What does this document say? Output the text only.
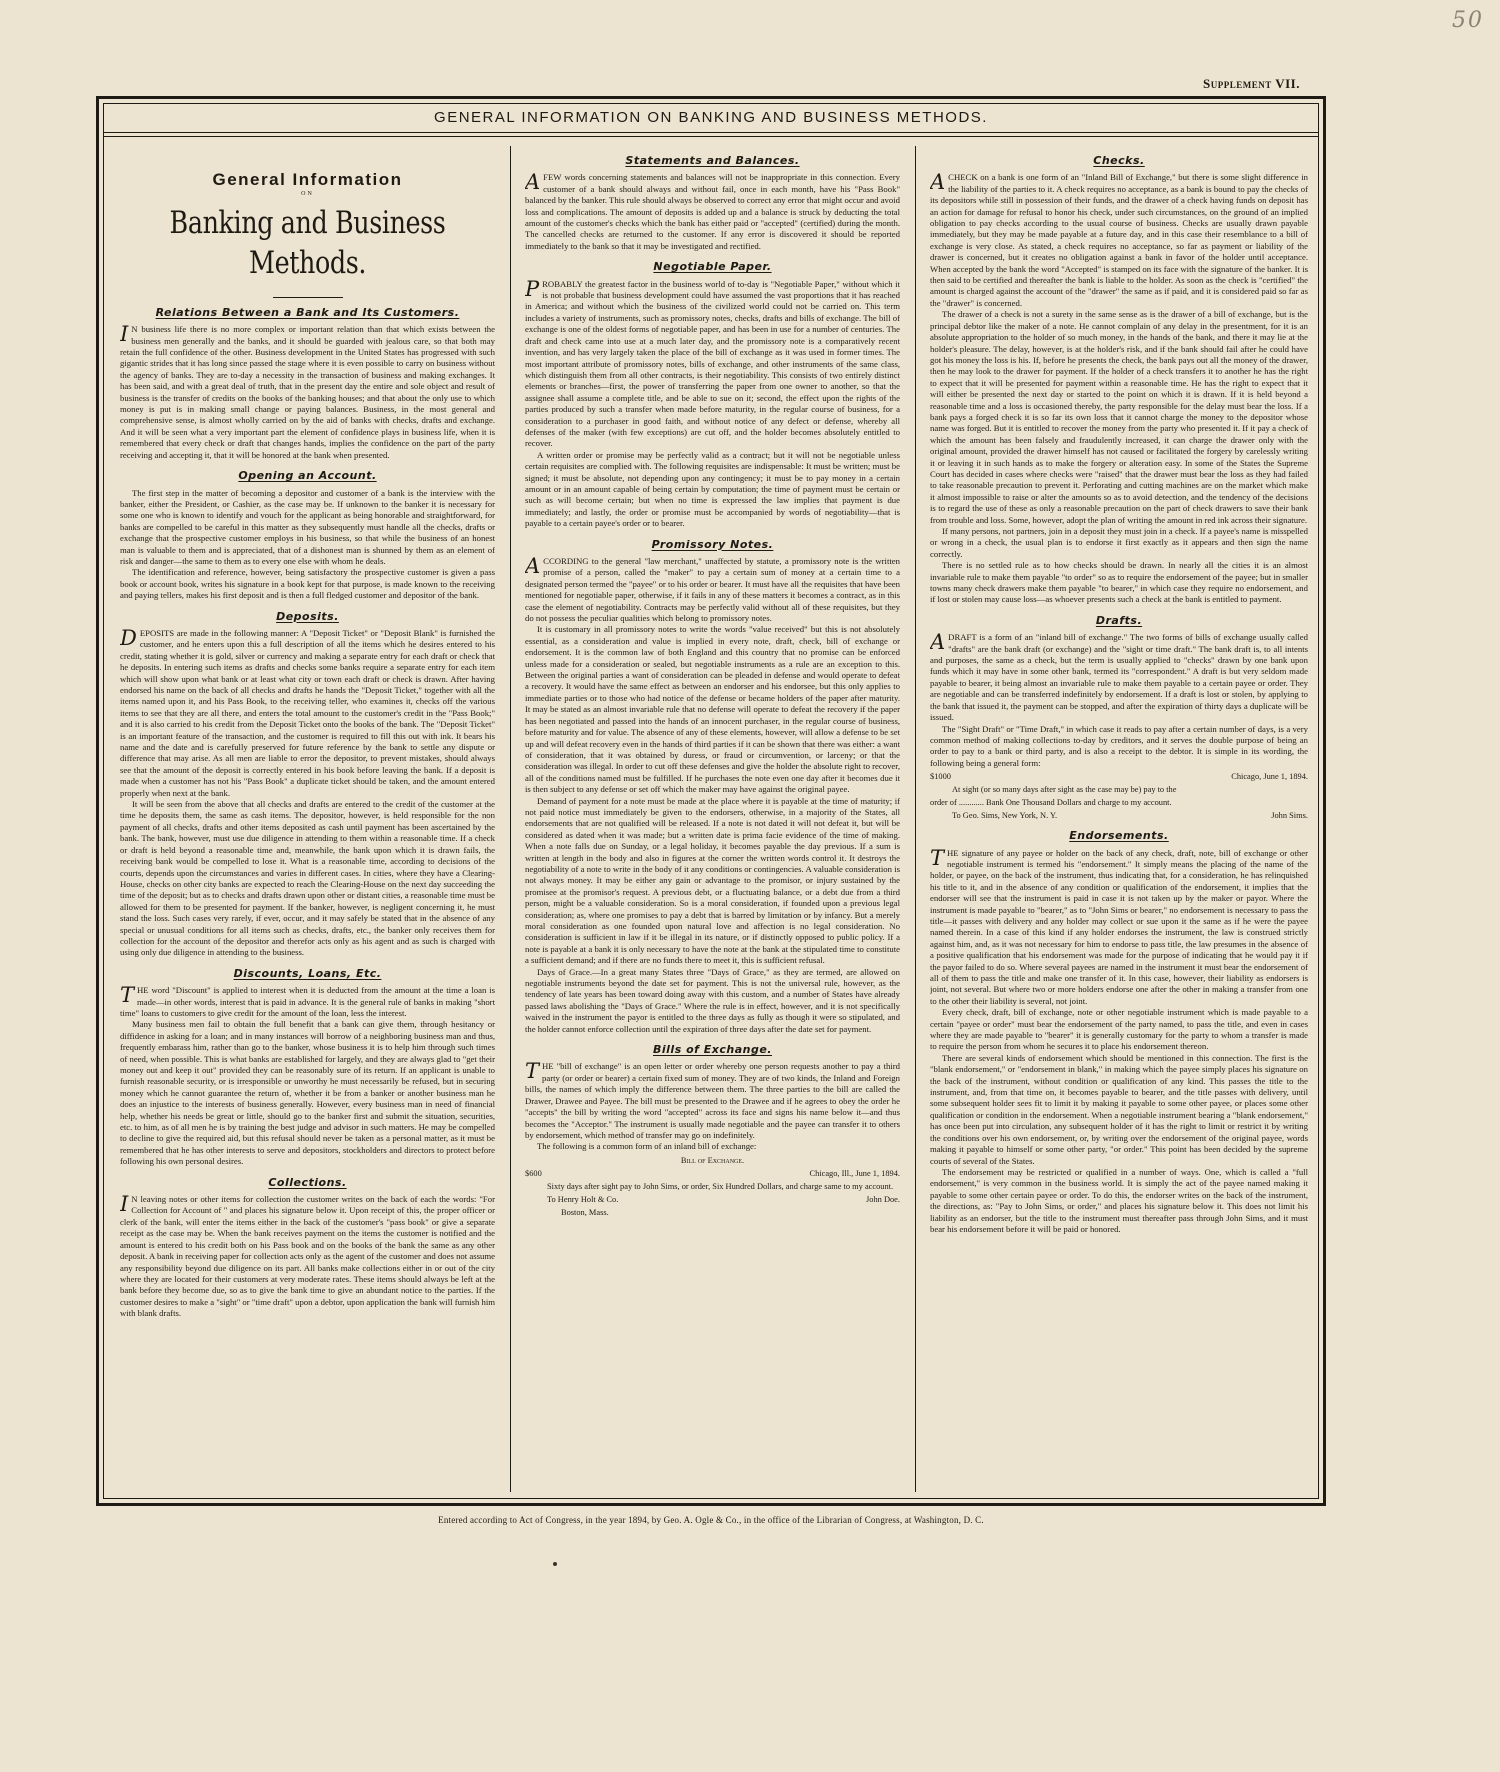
50
Supplement VII.
GENERAL INFORMATION ON BANKING AND BUSINESS METHODS.
General Information
ON
Banking and Business Methods.
Relations Between a Bank and Its Customers.

I N business life there is no more complex or important relation than that which exists between the business men generally and the banks, and it should be guarded with jealous care, so that both may retain the full confidence of the other. Business development in the United States has progressed with such gigantic strides that it has long since passed the stage where it is even possible to carry on business without the agency of banks. They are to-day a necessity in the transaction of business and making exchanges. It has been said, and with a great deal of truth, that in the present day the entire and sole object and result of business is the transfer of credits on the books of the banking houses; and that about the only use to which money is put is in making small change or paying balances. Business, in the most general and comprehensive sense, is almost wholly carried on by the aid of banks with checks, drafts and exchange. And it will be seen what a very important part the element of confidence plays in business life, when it is remembered that every check or draft that changes hands, implies the confidence on the part of the party receiving and accepting it, that it will be honored at the bank when presented.

Opening an Account.

The first step in the matter of becoming a depositor and customer of a bank is the interview with the banker, either the President, or Cashier, as the case may be. If unknown to the banker it is necessary for some one who is known to identify and vouch for the applicant as being honorable and straightforward, for banks are compelled to be careful in this matter as they subsequently must handle all the checks, drafts or exchange that the prospective customer employs in his business, so that while the business of an honest man is valuable to them and is appreciated, that of a dishonest man is shunned by them as an element of risk and danger—the same to them as to every one else with whom he deals.

The identification and reference, however, being satisfactory the prospective customer is given a pass book or account book, writes his signature in a book kept for that purpose, is made known to the receiving and paying tellers, makes his first deposit and is then a full fledged customer and depositor of the bank.

Deposits.

DEPOSITS are made in the following manner: A "Deposit Ticket" or "Deposit Blank" is furnished the customer, and he enters upon this a full description of all the items which he desires entered to his credit, stating whether it is gold, silver or currency and making a separate entry for each draft or check that he deposits. In entering such items as drafts and checks some banks require a separate entry for each item which will show upon what bank or at least what city or town each draft or check is drawn. After having endorsed his name on the back of all checks and drafts he hands the "Deposit Ticket," together with all the items named upon it, and his Pass Book, to the receiving teller, who examines it, checks off the various items to see that they are all there, and enters the total amount to the customer's credit in the "Pass Book;" and it is also carried to his credit from the Deposit Ticket onto the books of the bank. The "Deposit Ticket" is an important feature of the transaction, and the customer is required to fill this out with ink. It bears his name and the date and is carefully preserved for future reference by the bank to settle any dispute or difference that may arise. As all men are liable to error the depositor, to prevent mistakes, should always see that the amount of the deposit is correctly entered in his book before leaving the bank. If a deposit is made when a customer has not his "Pass Book" a duplicate ticket should be taken, and the amount entered properly when next at the bank.

It will be seen from the above that all checks and drafts are entered to the credit of the customer at the time he deposits them, the same as cash items. The depositor, however, is held responsible for the non payment of all checks, drafts and other items deposited as cash until payment has been ascertained by the bank. The bank, however, must use due diligence in attending to them within a reasonable time. If a check or draft is held beyond a reasonable time and, meanwhile, the bank upon which it is drawn fails, the receiving bank would be compelled to lose it. What is a reasonable time, according to decisions of the courts, depends upon the circumstances and varies in different cases. In cities, where they have a Clearing-House, checks on other city banks are expected to reach the Clearing-House on the next day succeeding the time of the deposit; but as to checks and drafts drawn upon other or distant cities, a reasonable time must be allowed for them to be presented for payment. If the banker, however, is negligent concerning it, he must stand the loss. Such cases very rarely, if ever, occur, and it may safely be stated that in the absence of any special or unusual conditions for all items such as checks, drafts, etc., the banker only receives them for collection for the account of the depositor and therefor acts only as his agent and as such is charged with using only due diligence in attending to the business.

Discounts, Loans, Etc.

THE word "Discount" is applied to interest when it is deducted from the amount at the time a loan is made—in other words, interest that is paid in advance. It is the general rule of banks in making "short time" loans to customers to give credit for the amount of the loan, less the interest.

Many business men fail to obtain the full benefit that a bank can give them, through hesitancy or diffidence in asking for a loan; and in many instances will borrow of a neighboring business man and thus, frequently embarass him, rather than go to the banker, whose business it is to help him through such times of need, when possible. This is what banks are established for largely, and they are always glad to "get their money out and keep it out" provided they can be reasonably sure of its return. If an applicant is unable to furnish reasonable security, or is irresponsible or unworthy he must necessarily be refused, but in securing money which he cannot guarantee the return of, whether it be from a banker or another business man he does an injustice to the interests of business generally. However, every business man in need of financial help, whether his needs be great or little, should go to the banker first and submit the situation, securities, etc. to him, as of all men he is by training the best judge and advisor in such matters. He may be compelled to decline to give the required aid, but this refusal should never be taken as a personal matter, as it must be remembered that he has other interests to serve and depositors, stockholders and directors to protect before following his own personal desires.

Collections.

I N leaving notes or other items for collection the customer writes on the back of each the words: "For Collection for Account of " and places his signature below it. Upon receipt of this, the proper officer or clerk of the bank, will enter the items either in the back of the customer's "pass book" or give a separate receipt as the case may be. When the bank receives payment on the items the customer is notified and the amount is entered to his credit both on his Pass book and on the books of the bank the same as any other deposit. A bank in receiving paper for collection acts only as the agent of the customer and does not assume any responsibility beyond due diligence on its part. All banks make collections either in or out of the city where they are located for their customers at very moderate rates. These items should always be left at the bank before they become due, so as to give the bank time to give an abundant notice to the parties. If the customer desires to make a "sight" or "time draft" upon a debtor, upon application the bank will furnish him with blank drafts.

Statements and Balances.

AFEW words concerning statements and balances will not be inappropriate in this connection. Every customer of a bank should always and without fail, once in each month, have his "Pass Book" balanced by the banker. This rule should always be observed to correct any error that might occur and avoid loss and complications. The amount of deposits is added up and a balance is struck by deducting the total amount of the customer's checks which the bank has either paid or "accepted" (certified) during the month. The cancelled checks are returned to the customer. If any error is discovered it should be reported immediately to the bank so that it may be investigated and rectified.

Negotiable Paper.

PROBABLY the greatest factor in the business world of to-day is "Negotiable Paper," without which it is not probable that business development could have assumed the vast proportions that it has reached in America; and without which the business of the civilized world could not be carried on. This term includes a variety of instruments, such as promissory notes, checks, drafts and bills of exchange. The bill of exchange is one of the oldest forms of negotiable paper, and has been in use for a number of centuries. The draft and check came into use at a much later day, and the promissory note is a comparatively recent invention, and has very largely taken the place of the bill of exchange as it was used in former times. The most important attribute of promissory notes, bills of exchange, and other instruments of the same class, which distinguish them from all other contracts, is their negotiability. This consists of two entirely distinct elements or branches—first, the power of transferring the paper from one owner to another, so that the assignee shall assume a complete title, and be able to sue on it; second, the effect upon the rights of the parties produced by such a transfer when made before maturity, in the regular course of business, for a consideration to a purchaser in good faith, and without notice of any defect or defense, whereby all defenses of the maker (with few exceptions) are cut off, and the holder becomes absolutely entitled to recover.

A written order or promise may be perfectly valid as a contract; but it will not be negotiable unless certain requisites are complied with. The following requisites are indispensable: It must be written; must be signed; it must be absolute, not depending upon any contingency; it must be to pay money in a certain amount or in an amount capable of being certain by computation; the time of payment must be certain or such as will become certain; but when no time is expressed the law implies that payment is due immediately; and lastly, the order or promise must be accompanied by words of negotiability—that is payable to a certain payee's order or to bearer.

Promissory Notes.

ACCORDING to the general "law merchant," unaffected by statute, a promissory note is the written promise of a person, called the "maker" to pay a certain sum of money at a certain time to a designated person termed the "payee" or to his order or bearer. It must have all the requisites that have been mentioned for negotiable paper, otherwise, if it fails in any of these matters it becomes a contract, as in this case the element of negotiability. Contracts may be perfectly valid without all of these requisites, but they do not possess the peculiar qualities which belong to promissory notes.

It is customary in all promissory notes to write the words "value received" but this is not absolutely essential, as a consideration and value is implied in every note, draft, check, bill of exchange or endorsement. It is the common law of both England and this country that no promise can be enforced unless made for a consideration or sealed, but negotiable instruments as a rule are an exception to this. Between the original parties a want of consideration can be pleaded in defense and would operate to defeat a recovery. It would have the same effect as between an endorser and his endorsee, but this only applies to immediate parties or to those who had notice of the defense or became holders of the paper after maturity. It may be stated as an almost invariable rule that no defense will operate to defeat the recovery if the paper has been negotiated and passed into the hands of an innocent purchaser, in the regular course of business, before maturity and for value. The absence of any of these elements, however, will allow a defense to be set up and will defeat recovery even in the hands of third parties if it can be shown that there was either: a want of consideration, that it was obtained by duress, or fraud or circumvention, or larceny; or that the consideration was illegal. In order to cut off these defenses and give the holder the absolute right to recover, all of the conditions named must be fulfilled. If he purchases the note even one day after it becomes due it is then subject to any defense or set off which the maker may have against the original payee.

Demand of payment for a note must be made at the place where it is payable at the time of maturity; if not paid notice must immediately be given to the endorsers, otherwise, in a majority of the States, all endorsements that are not qualified will be released. If a note is not dated it will not defeat it, but will be considered as dated when it was made; but a written date is prima facie evidence of the time of making. When a note falls due on Sunday, or a legal holiday, it becomes payable the day previous. If a sum is written at length in the body and also in figures at the corner the written words control it. It destroys the negotiability of a note to write in the body of it any conditions or contingencies. A valuable consideration is not always money. It may be either any gain or advantage to the promisor, or injury sustained by the promisee at the promisor's request. A previous debt, or a fluctuating balance, or a debt due from a third person, might be a valuable consideration. So is a moral consideration, if founded upon a previous legal consideration; as, where one promises to pay a debt that is barred by limitation or by infancy. But a merely moral consideration as one founded upon natural love and affection is no legal consideration. No consideration is sufficient in law if it be illegal in its nature, or if distinctly opposed to public policy. If a note is payable at a bank it is only necessary to have the note at the bank at the stipulated time to constitute a sufficient demand; and if there are no funds there to meet it, this is sufficient refusal.

Days of Grace.—In a great many States three "Days of Grace," as they are termed, are allowed on negotiable instruments beyond the date set for payment. This is not the universal rule, however, as the tendency of late years has been toward doing away with this custom, and a number of States have already passed laws abolishing the "Days of Grace." Where the rule is in effect, however, and it is not specifically waived in the instrument the payor is entitled to the three days as fully as though it were so stipulated, and the holder cannot enforce collection until the expiration of three days after the date set for payment.

Bills of Exchange.

THE "bill of exchange" is an open letter or order whereby one person requests another to pay a third party (or order or bearer) a certain fixed sum of money. They are of two kinds, the Inland and Foreign bills, the names of which imply the difference between them. The three parties to the bill are called the Drawer, Drawee and Payee. The bill must be presented to the Drawee and if he agrees to obey the order he "accepts" the bill by writing the word "accepted" across its face and signs his name below it—and thus becomes the "Acceptor." The instrument is usually made negotiable and the payee can transfer it to others by endorsement, which method of transfer may go on indefinitely.

The following is a common form of an inland bill of exchange:

Bill of Exchange.
$600	Chicago, Ill., June 1, 1894.
Sixty days after sight pay to John Sims, or order, Six Hundred Dollars, and charge same to my account.
To Henry Holt & Co.	John Doe.
Boston, Mass.
Checks.

ACHECK on a bank is one form of an "Inland Bill of Exchange," but there is some slight difference in the liability of the parties to it. A check requires no acceptance, as a bank is bound to pay the checks of its depositors while still in possession of their funds, and the drawer of a check having funds on deposit has an action for damage for refusal to honor his check, under such circumstances, on the ground of an implied obligation to pay checks according to the usual course of business. Checks are usually drawn payable immediately, but they may be made payable at a future day, and in this case their resemblance to a bill of exchange is very close. As stated, a check requires no acceptance, so far as payment or liability of the drawer is concerned, but it creates no obligation against a bank in favor of the holder until acceptance. When accepted by the bank the word "Accepted" is stamped on its face with the signature of the banker. It is then said to be certified and thereafter the bank is liable to the holder. As soon as the check is "certified" the amount is charged against the account of the "drawer" the same as if paid, and it is considered paid so far as the "drawer" is concerned.

The drawer of a check is not a surety in the same sense as is the drawer of a bill of exchange, but is the principal debtor like the maker of a note. He cannot complain of any delay in the presentment, for it is an absolute appropriation to the holder of so much money, in the hands of the bank, and there it may lie at the holder's pleasure. The delay, however, is at the holder's risk, and if the bank should fail after he could have got his money the loss is his. If, before he presents the check, the bank pays out all the money of the drawer, then he may look to the drawer for payment. If the holder of a check transfers it to another he has the right to expect that it will be presented for payment within a reasonable time. He has the right to expect that it will either be presented the next day or started to the point on which it is drawn. If it is held beyond a reasonable time and a loss is occasioned thereby, the party responsible for the delay must bear the loss. If a bank pays a forged check it is so far its own loss that it cannot charge the money to the depositor whose name was forged. But it is entitled to recover the money from the party who presented it. If it pay a check of which the amount has been falsely and fraudulently increased, it can charge the drawer only with the original amount, provided the drawer himself has not caused or facilitated the forgery by carelessly writing it or leaving it in such hands as to make the forgery or alteration easy. In some of the States the Supreme Court has decided in cases where checks were "raised" that the drawer must bear the loss as they had failed to take reasonable precaution to prevent it. Perforating and cutting machines are on the market which make it almost impossible to raise or alter the amounts so as to avoid detection, and the tendency of the decisions is to regard the use of these as only a reasonable precaution on the part of check drawers to save their bank from trouble and loss. Some, however, adopt the plan of writing the amount in red ink across their signature.

If many persons, not partners, join in a deposit they must join in a check. If a payee's name is misspelled or wrong in a check, the usual plan is to endorse it first exactly as it appears and then sign the name correctly.

There is no settled rule as to how checks should be drawn. In nearly all the cities it is an almost invariable rule to make them payable "to order" so as to require the endorsement of the payee; but in smaller towns many check drawers make them payable "to bearer," in which case they require no endorsement, and if lost or stolen may cause loss—as whoever presents such a check at the bank is entitled to payment.

Drafts.

ADRAFT is a form of an "inland bill of exchange." The two forms of bills of exchange usually called "drafts" are the bank draft (or exchange) and the "sight or time draft." The bank draft is, to all intents and purposes, the same as a check, but the term is usually applied to "checks" drawn by one bank upon funds which it may have in some other bank, termed its "correspondent." A draft is but very seldom made payable to bearer, it being almost an invariable rule to make them payable to a certain payee or order. They are negotiable and can be transferred indefinitely by endorsement. If a draft is lost or stolen, by applying to the bank that issued it, the payment can be stopped, and after the expiration of thirty days a duplicate will be issued.

The "Sight Draft" or "Time Draft," in which case it reads to pay after a certain number of days, is a very common method of making collections to-day by creditors, and it serves the double purpose of being an order to pay to a bank or third party, and is also a receipt to the debtor. It is simple in its wording, the following being a general form:

$1000	Chicago, June 1, 1894.
At sight (or so many days after sight as the case may be) pay to the
order of ............ Bank One Thousand Dollars and charge to my account.
To Geo. Sims, New York, N. Y.	John Sims.
Endorsements.

THE signature of any payee or holder on the back of any check, draft, note, bill of exchange or other negotiable instrument is termed his "endorsement." It simply means the placing of the name of the holder, or payee, on the back of the instrument, thus indicating that, for a consideration, he has relinquished his title to it, and in the absence of any condition or qualification of the endorsement, it implies that the endorser will see that the instrument is paid in case it is not taken up by the maker or payor. Where the instrument is made payable to "bearer," as to "John Sims or bearer," no endorsement is necessary to pass the title—it passes with delivery and any holder may collect or sue upon it the same as if he were the payee named therein. In a case of this kind if any holder endorses the instrument, the law is construed strictly against him, and, as it was not necessary for him to endorse to pass title, the law presumes in the absence of a positive qualification that his endorsement was made for the purpose of indicating that he would pay it if the payor failed to do so. Where several payees are named in the instrument it must bear the endorsement of all of them to pass the title and make one transfer of it. In this case, however, their liability as endorsers is joint, not several. But where two or more holders endorse one after the other in making a transfer from one to the other their liability is several, not joint.

Every check, draft, bill of exchange, note or other negotiable instrument which is made payable to a certain "payee or order" must bear the endorsement of the party named, to pass the title, and even in cases where they are made payable to "bearer" it is generally customary for the party to whom a transfer is made to require the person from whom he secures it to place his endorsement thereon.

There are several kinds of endorsement which should be mentioned in this connection. The first is the "blank endorsement," or "endorsement in blank," in making which the payee simply places his signature on the back of the instrument, without condition or qualification of any kind. This passes the title to the instrument, and, from that time on, it becomes payable to bearer, and the title passes with delivery, until some subsequent holder sees fit to limit it by making it payable to some other payee, or places some other qualification or condition in the endorsement. When a negotiable instrument bearing a "blank endorsement," has once been put into circulation, any subsequent holder of it has the right to limit or restrict it by writing the conditions over his own endorsement, or, by writing over the endorsement of the original payee, words making it payable to himself or some other party, "or order." This point has been decided by the supreme courts of several of the States.

The endorsement may be restricted or qualified in a number of ways. One, which is called a "full endorsement," is very common in the business world. It is simply the act of the payee named making it payable to some other certain payee or order. To do this, the endorser writes on the back of the instrument, the directions, as: "Pay to John Sims, or order," and places his signature below it. This does not limit his liability as an endorser, but the title to the instrument must thereafter pass through John Sims, and it must bear his endorsement before it will be paid or honored.

Entered according to Act of Congress, in the year 1894, by Geo. A. Ogle & Co., in the office of the Librarian of Congress, at Washington, D. C.
